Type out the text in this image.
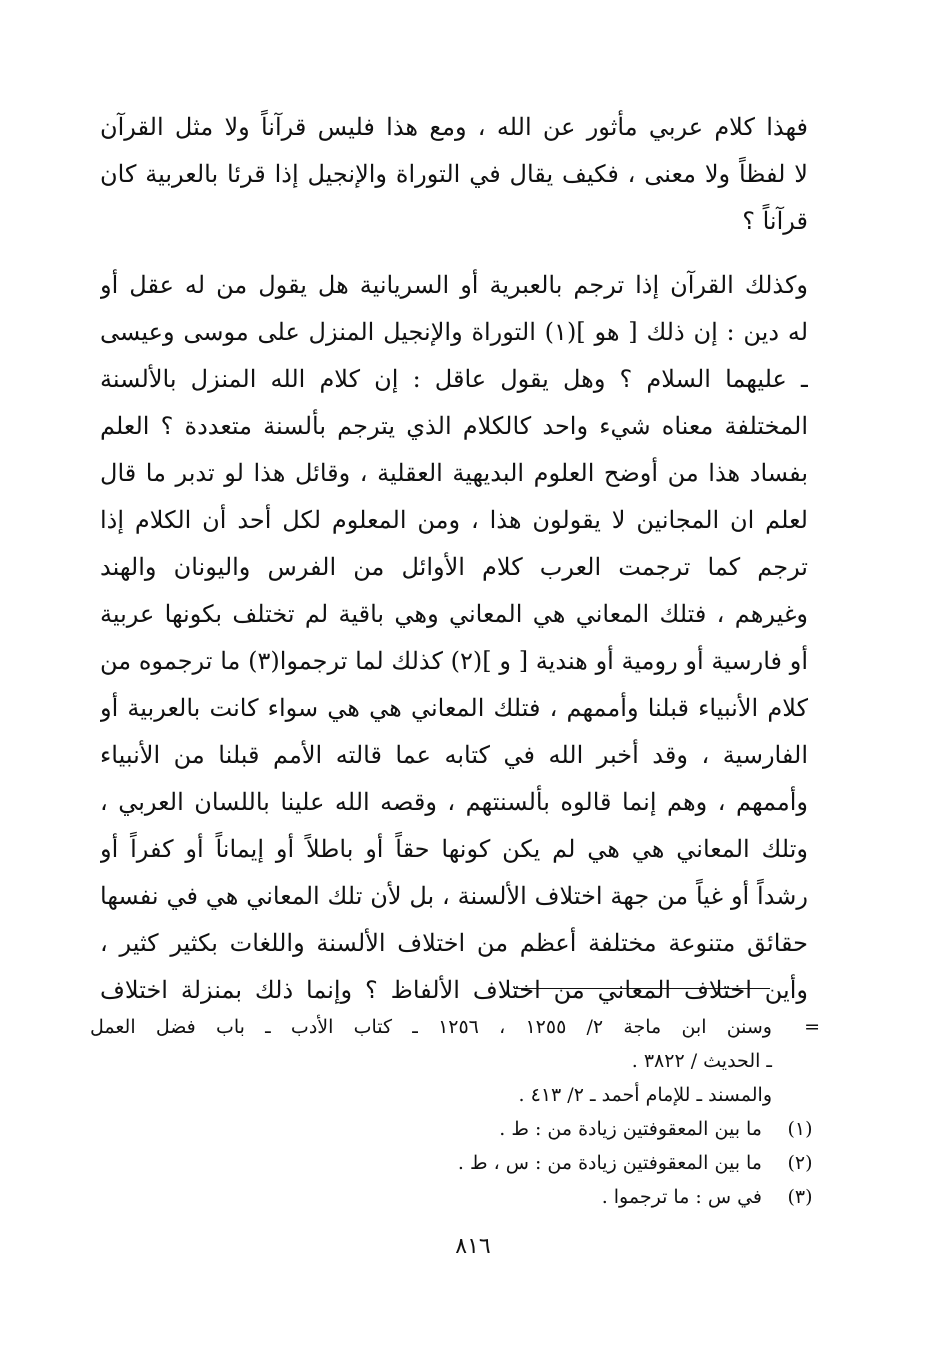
فهذا كلام عربي مأثور عن الله ، ومع هذا فليس قرآناً ولا مثل القرآن
لا لفظاً ولا معنى ، فكيف يقال في التوراة والإنجيل إذا قرئا بالعربية كان
قرآناً ؟
وكذلك القرآن إذا ترجم بالعبرية أو السريانية هل يقول من له عقل أو
له دين : إن ذلك [ هو ](١) التوراة والإنجيل المنزل على موسى وعيسى
ـ عليهما السلام ؟ وهل يقول عاقل : إن كلام الله المنزل بالألسنة
المختلفة معناه شيء واحد كالكلام الذي يترجم بألسنة متعددة ؟ العلم
بفساد هذا من أوضح العلوم البديهية العقلية ، وقائل هذا لو تدبر ما قال
لعلم ان المجانين لا يقولون هذا ، ومن المعلوم لكل أحد أن الكلام إذا
ترجم كما ترجمت العرب كلام الأوائل من الفرس واليونان والهند
وغيرهم ، فتلك المعاني هي المعاني وهي باقية لم تختلف بكونها عربية
أو فارسية أو رومية أو هندية [ و ](٢) كذلك لما ترجموا(٣) ما ترجموه من
كلام الأنبياء قبلنا وأممهم ، فتلك المعاني هي هي سواء كانت بالعربية أو
الفارسية ، وقد أخبر الله في كتابه عما قالته الأمم قبلنا من الأنبياء
وأممهم ، وهم إنما قالوه بألسنتهم ، وقصه الله علينا باللسان العربي ،
وتلك المعاني هي هي لم يكن كونها حقاً أو باطلاً أو إيماناً أو كفراً أو
رشداً أو غياً من جهة اختلاف الألسنة ، بل لأن تلك المعاني هي في نفسها
حقائق متنوعة مختلفة أعظم من اختلاف الألسنة واللغات بكثير كثير ،
وأين اختلاف المعاني من اختلاف الألفاظ ؟ وإنما ذلك بمنزلة اختلاف
=
وسنن ابن ماجة ٢/ ١٢٥٥ ، ١٢٥٦ ـ كتاب الأدب ـ باب فضل العمل
ـ الحديث / ٣٨٢٢ .
والمسند ـ للإمام أحمد ـ ٢/ ٤١٣ .
(١)
ما بين المعقوفتين زيادة من : ط .
(٢)
ما بين المعقوفتين زيادة من : س ، ط .
(٣)
في س : ما ترجموا .
٨١٦
